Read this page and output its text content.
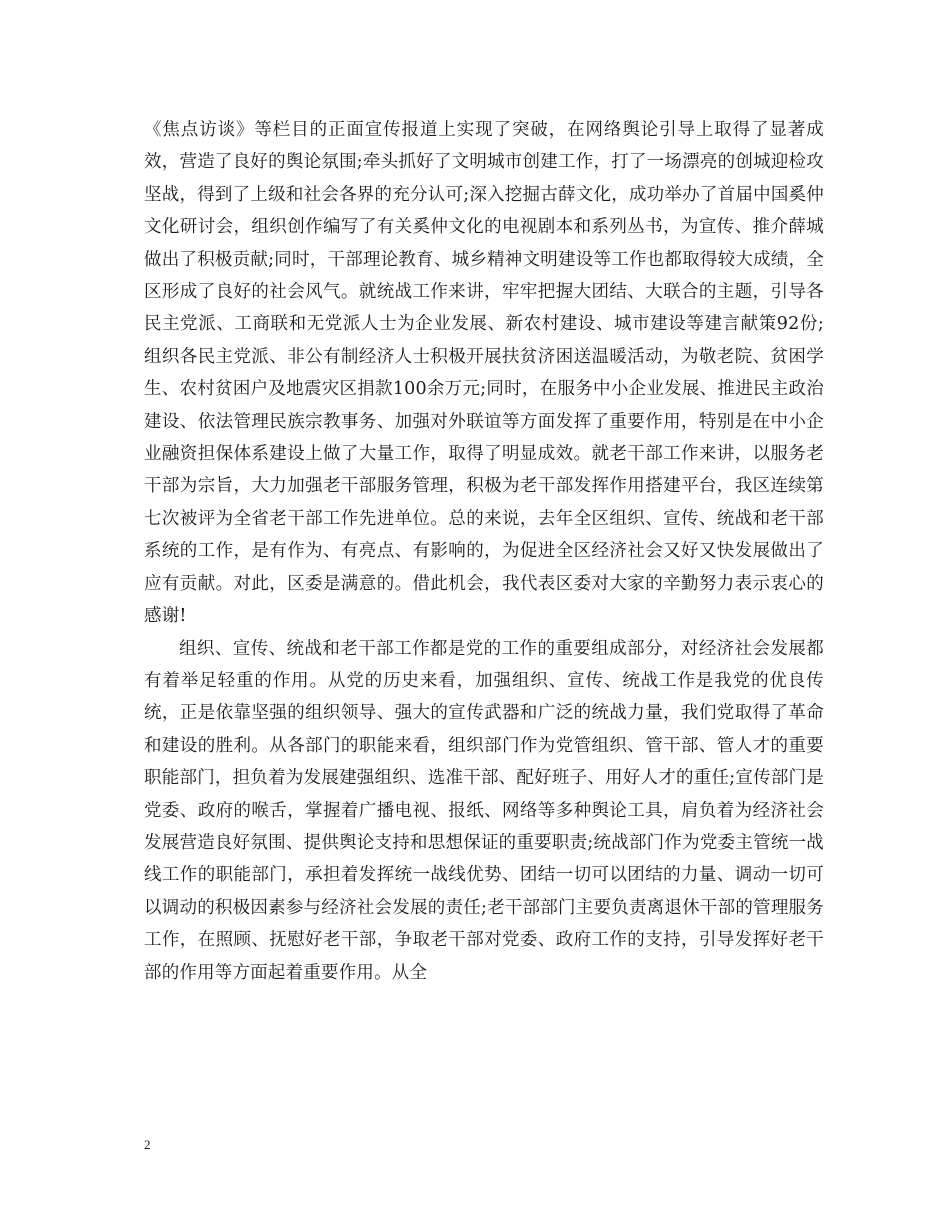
《焦点访谈》等栏目的正面宣传报道上实现了突破，在网络舆论引导上取得了显著成效，营造了良好的舆论氛围;牵头抓好了文明城市创建工作，打了一场漂亮的创城迎检攻坚战，得到了上级和社会各界的充分认可;深入挖掘古薛文化，成功举办了首届中国奚仲文化研讨会，组织创作编写了有关奚仲文化的电视剧本和系列丛书，为宣传、推介薛城做出了积极贡献;同时，干部理论教育、城乡精神文明建设等工作也都取得较大成绩，全区形成了良好的社会风气。就统战工作来讲，牢牢把握大团结、大联合的主题，引导各民主党派、工商联和无党派人士为企业发展、新农村建设、城市建设等建言献策92份;组织各民主党派、非公有制经济人士积极开展扶贫济困送温暖活动，为敬老院、贫困学生、农村贫困户及地震灾区捐款100余万元;同时，在服务中小企业发展、推进民主政治建设、依法管理民族宗教事务、加强对外联谊等方面发挥了重要作用，特别是在中小企业融资担保体系建设上做了大量工作，取得了明显成效。就老干部工作来讲，以服务老干部为宗旨，大力加强老干部服务管理，积极为老干部发挥作用搭建平台，我区连续第七次被评为全省老干部工作先进单位。总的来说，去年全区组织、宣传、统战和老干部系统的工作，是有作为、有亮点、有影响的，为促进全区经济社会又好又快发展做出了应有贡献。对此，区委是满意的。借此机会，我代表区委对大家的辛勤努力表示衷心的感谢!

组织、宣传、统战和老干部工作都是党的工作的重要组成部分，对经济社会发展都有着举足轻重的作用。从党的历史来看，加强组织、宣传、统战工作是我党的优良传统，正是依靠坚强的组织领导、强大的宣传武器和广泛的统战力量，我们党取得了革命和建设的胜利。从各部门的职能来看，组织部门作为党管组织、管干部、管人才的重要职能部门，担负着为发展建强组织、选准干部、配好班子、用好人才的重任;宣传部门是党委、政府的喉舌，掌握着广播电视、报纸、网络等多种舆论工具，肩负着为经济社会发展营造良好氛围、提供舆论支持和思想保证的重要职责;统战部门作为党委主管统一战线工作的职能部门，承担着发挥统一战线优势、团结一切可以团结的力量、调动一切可以调动的积极因素参与经济社会发展的责任;老干部部门主要负责离退休干部的管理服务工作，在照顾、抚慰好老干部，争取老干部对党委、政府工作的支持，引导发挥好老干部的作用等方面起着重要作用。从全

2
